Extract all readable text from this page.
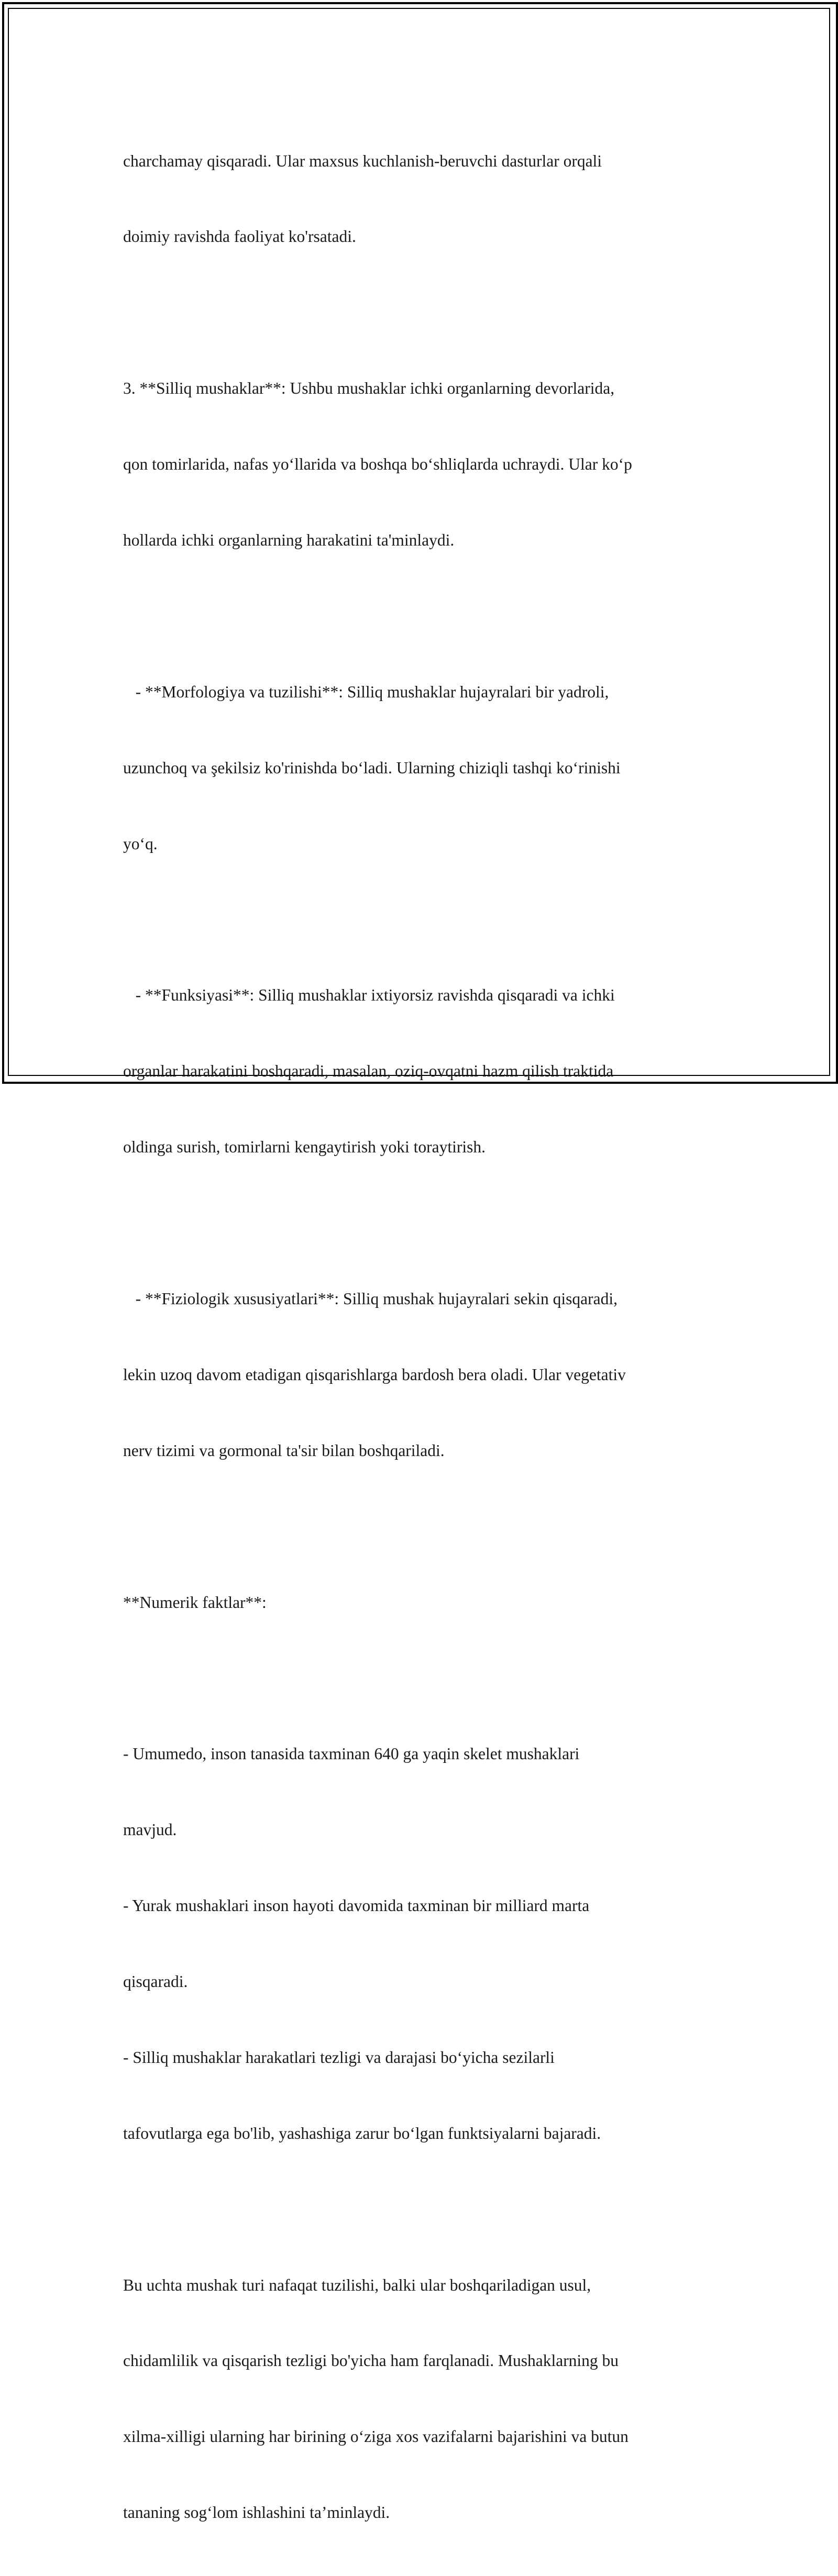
charchamay qisqaradi. Ular maxsus kuchlanish-beruvchi dasturlar orqali

doimiy ravishda faoliyat ko'rsatadi.

3. **Silliq mushaklar**: Ushbu mushaklar ichki organlarning devorlarida,

qon tomirlarida, nafas yo‘llarida va boshqa bo‘shliqlarda uchraydi. Ular ko‘p

hollarda ichki organlarning harakatini ta'minlaydi.

- **Morfologiya va tuzilishi**: Silliq mushaklar hujayralari bir yadroli,

uzunchoq va şekilsiz ko'rinishda bo‘ladi. Ularning chiziqli tashqi ko‘rinishi

yo‘q.

- **Funksiyasi**: Silliq mushaklar ixtiyorsiz ravishda qisqaradi va ichki

organlar harakatini boshqaradi, masalan, oziq-ovqatni hazm qilish traktida

oldinga surish, tomirlarni kengaytirish yoki toraytirish.

- **Fiziologik xususiyatlari**: Silliq mushak hujayralari sekin qisqaradi,

lekin uzoq davom etadigan qisqarishlarga bardosh bera oladi. Ular vegetativ

nerv tizimi va gormonal ta'sir bilan boshqariladi.

**Numerik faktlar**:

- Umumedo, inson tanasida taxminan 640 ga yaqin skelet mushaklari

mavjud.

- Yurak mushaklari inson hayoti davomida taxminan bir milliard marta

qisqaradi.

- Silliq mushaklar harakatlari tezligi va darajasi bo‘yicha sezilarli

tafovutlarga ega bo'lib, yashashiga zarur bo‘lgan funktsiyalarni bajaradi.

Bu uchta mushak turi nafaqat tuzilishi, balki ular boshqariladigan usul,

chidamlilik va qisqarish tezligi bo'yicha ham farqlanadi. Mushaklarning bu

xilma-xilligi ularning har birining o‘ziga xos vazifalarni bajarishini va butun

tananing sog‘lom ishlashini ta’minlaydi.
